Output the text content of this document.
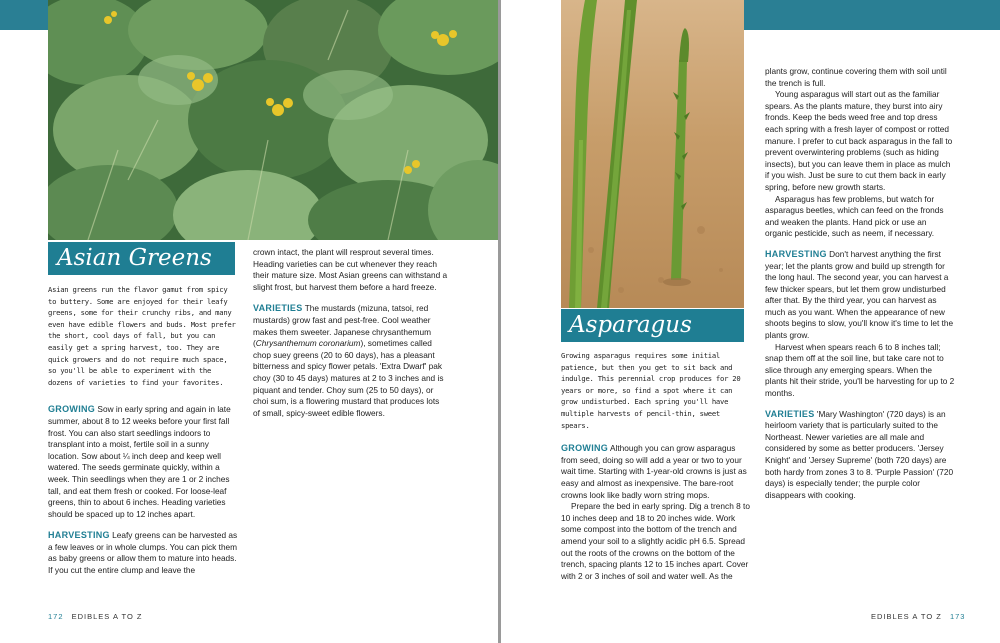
Asian Greens

Asian greens run the flavor gamut from spicy to buttery. Some are enjoyed for their leafy greens, some for their crunchy ribs, and many even have edible flowers and buds. Most prefer the short, cool days of fall, but you can easily get a spring harvest, too. They are quick growers and do not require much space, so you'll be able to experiment with the dozens of varieties to find your favorites.

GROWING Sow in early spring and again in late summer, about 8 to 12 weeks before your first fall frost. You can also start seedlings indoors to transplant into a moist, fertile soil in a sunny location. Sow about ¼ inch deep and keep well watered. The seeds germinate quickly, within a week. Thin seedlings when they are 1 or 2 inches tall, and eat them fresh or cooked. For loose-leaf greens, thin to about 6 inches. Heading varieties should be spaced up to 12 inches apart.

HARVESTING Leafy greens can be harvested as a few leaves or in whole clumps. You can pick them as baby greens or allow them to mature into heads. If you cut the entire clump and leave the

crown intact, the plant will resprout several times. Heading varieties can be cut whenever they reach their mature size. Most Asian greens can withstand a slight frost, but harvest them before a hard freeze.

VARIETIES The mustards (mizuna, tatsoi, red mustards) grow fast and pest-free. Cool weather makes them sweeter. Japanese chrysanthemum (Chrysanthemum coronarium), sometimes called chop suey greens (20 to 60 days), has a pleasant bitterness and spicy flower petals. 'Extra Dwarf' pak choy (30 to 45 days) matures at 2 to 3 inches and is piquant and tender. Choy sum (25 to 50 days), or choi sum, is a flowering mustard that produces lots of small, spicy-sweet edible flowers.

172 EDIBLES A TO Z
Asparagus

Growing asparagus requires some initial patience, but then you get to sit back and indulge. This perennial crop produces for 20 years or more, so find a spot where it can grow undisturbed. Each spring you'll have multiple harvests of pencil-thin, sweet spears.

GROWING Although you can grow asparagus from seed, doing so will add a year or two to your wait time. Starting with 1-year-old crowns is just as easy and almost as inexpensive. The bare-root crowns look like badly worn string mops.

Prepare the bed in early spring. Dig a trench 8 to 10 inches deep and 18 to 20 inches wide. Work some compost into the bottom of the trench and amend your soil to a slightly acidic pH 6.5. Spread out the roots of the crowns on the bottom of the trench, spacing plants 12 to 15 inches apart. Cover with 2 or 3 inches of soil and water well. As the

plants grow, continue covering them with soil until the trench is full.

Young asparagus will start out as the familiar spears. As the plants mature, they burst into airy fronds. Keep the beds weed free and top dress each spring with a fresh layer of compost or rotted manure. I prefer to cut back asparagus in the fall to prevent overwintering problems (such as hiding insects), but you can leave them in place as mulch if you wish. Just be sure to cut them back in early spring, before new growth starts.

Asparagus has few problems, but watch for asparagus beetles, which can feed on the fronds and weaken the plants. Hand pick or use an organic pesticide, such as neem, if necessary.

HARVESTING Don't harvest anything the first year; let the plants grow and build up strength for the long haul. The second year, you can harvest a few thicker spears, but let them grow undisturbed after that. By the third year, you can harvest as much as you want. When the appearance of new shoots begins to slow, you'll know it's time to let the plants grow.

Harvest when spears reach 6 to 8 inches tall; snap them off at the soil line, but take care not to slice through any emerging spears. When the plants hit their stride, you'll be harvesting for up to 2 months.

VARIETIES 'Mary Washington' (720 days) is an heirloom variety that is particularly suited to the Northeast. Newer varieties are all male and considered by some as better producers. 'Jersey Knight' and 'Jersey Supreme' (both 720 days) are both hardy from zones 3 to 8. 'Purple Passion' (720 days) is especially tender; the purple color disappears with cooking.

EDIBLES A TO Z 173
